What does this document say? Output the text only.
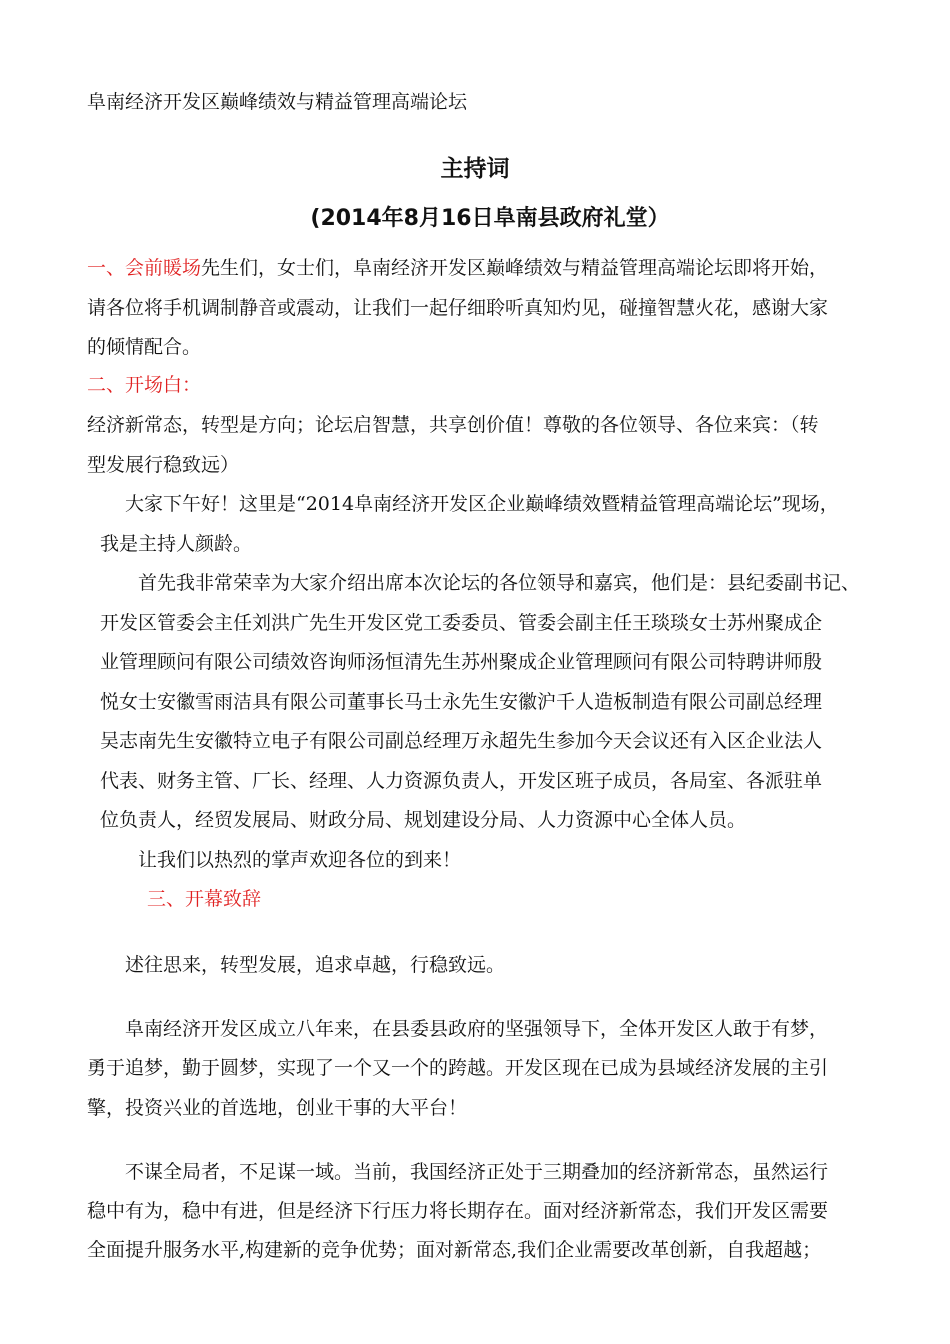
阜南经济开发区巅峰绩效与精益管理高端论坛
主持词
(2014年8月16日阜南县政府礼堂）
一、会前暖场先生们，女士们，阜南经济开发区巅峰绩效与精益管理高端论坛即将开始，
请各位将手机调制静音或震动，让我们一起仔细聆听真知灼见，碰撞智慧火花，感谢大家
的倾情配合。
二、开场白：
经济新常态，转型是方向；论坛启智慧，共享创价值！尊敬的各位领导、各位来宾：（转
型发展行稳致远）
大家下午好！这里是“2014阜南经济开发区企业巅峰绩效暨精益管理高端论坛”现场，
我是主持人颜龄。
首先我非常荣幸为大家介绍出席本次论坛的各位领导和嘉宾，他们是：县纪委副书记、
开发区管委会主任刘洪广先生开发区党工委委员、管委会副主任王琰琰女士苏州聚成企
业管理顾问有限公司绩效咨询师汤恒清先生苏州聚成企业管理顾问有限公司特聘讲师殷
悦女士安徽雪雨洁具有限公司董事长马士永先生安徽沪千人造板制造有限公司副总经理
吴志南先生安徽特立电子有限公司副总经理万永超先生参加今天会议还有入区企业法人
代表、财务主管、厂长、经理、人力资源负责人，开发区班子成员，各局室、各派驻单
位负责人，经贸发展局、财政分局、规划建设分局、人力资源中心全体人员。
让我们以热烈的掌声欢迎各位的到来！
三、开幕致辞
述往思来，转型发展，追求卓越，行稳致远。
阜南经济开发区成立八年来，在县委县政府的坚强领导下，全体开发区人敢于有梦，
勇于追梦，勤于圆梦，实现了一个又一个的跨越。开发区现在已成为县域经济发展的主引
擎，投资兴业的首选地，创业干事的大平台！
不谋全局者，不足谋一域。当前，我国经济正处于三期叠加的经济新常态，虽然运行
稳中有为，稳中有进，但是经济下行压力将长期存在。面对经济新常态，我们开发区需要
全面提升服务水平,构建新的竞争优势；面对新常态,我们企业需要改革创新，自我超越；
